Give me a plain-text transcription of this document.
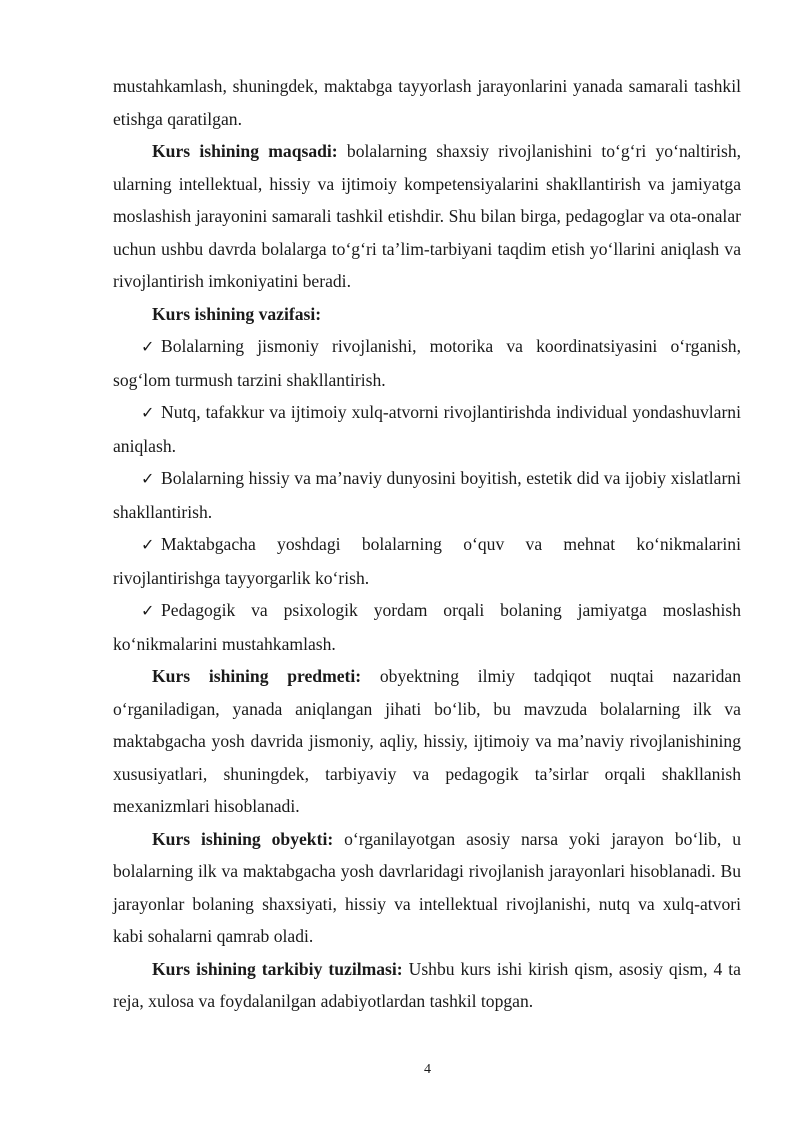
mustahkamlash, shuningdek, maktabga tayyorlash jarayonlarini yanada samarali tashkil etishga qaratilgan.

Kurs ishining maqsadi: bolalarning shaxsiy rivojlanishini to‘g‘ri yo‘naltirish, ularning intellektual, hissiy va ijtimoiy kompetensiyalarini shakllantirish va jamiyatga moslashish jarayonini samarali tashkil etishdir. Shu bilan birga, pedagoglar va ota-onalar uchun ushbu davrda bolalarga to‘g‘ri ta’lim-tarbiyani taqdim etish yo‘llarini aniqlash va rivojlantirish imkoniyatini beradi.

Kurs ishining vazifasi:

✓ Bolalarning jismoniy rivojlanishi, motorika va koordinatsiyasini o‘rganish, sog‘lom turmush tarzini shakllantirish.

✓ Nutq, tafakkur va ijtimoiy xulq-atvorni rivojlantirishda individual yondashuvlarni aniqlash.

✓ Bolalarning hissiy va ma’naviy dunyosini boyitish, estetik did va ijobiy xislatlarni shakllantirish.

✓ Maktabgacha yoshdagi bolalarning o‘quv va mehnat ko‘nikmalarini rivojlantirishga tayyorgarlik ko‘rish.

✓ Pedagogik va psixologik yordam orqali bolaning jamiyatga moslashish ko‘nikmalarini mustahkamlash.

Kurs ishining predmeti: obyektning ilmiy tadqiqot nuqtai nazaridan o‘rganiladigan, yanada aniqlangan jihati bo‘lib, bu mavzuda bolalarning ilk va maktabgacha yosh davrida jismoniy, aqliy, hissiy, ijtimoiy va ma’naviy rivojlanishining xususiyatlari, shuningdek, tarbiyaviy va pedagogik ta’sirlar orqali shakllanish mexanizmlari hisoblanadi.

Kurs ishining obyekti: o‘rganilayotgan asosiy narsa yoki jarayon bo‘lib, u bolalarning ilk va maktabgacha yosh davrlaridagi rivojlanish jarayonlari hisoblanadi. Bu jarayonlar bolaning shaxsiyati, hissiy va intellektual rivojlanishi, nutq va xulq-atvori kabi sohalarni qamrab oladi.

Kurs ishining tarkibiy tuzilmasi: Ushbu kurs ishi kirish qism, asosiy qism, 4 ta reja, xulosa va foydalanilgan adabiyotlardan tashkil topgan.

4
